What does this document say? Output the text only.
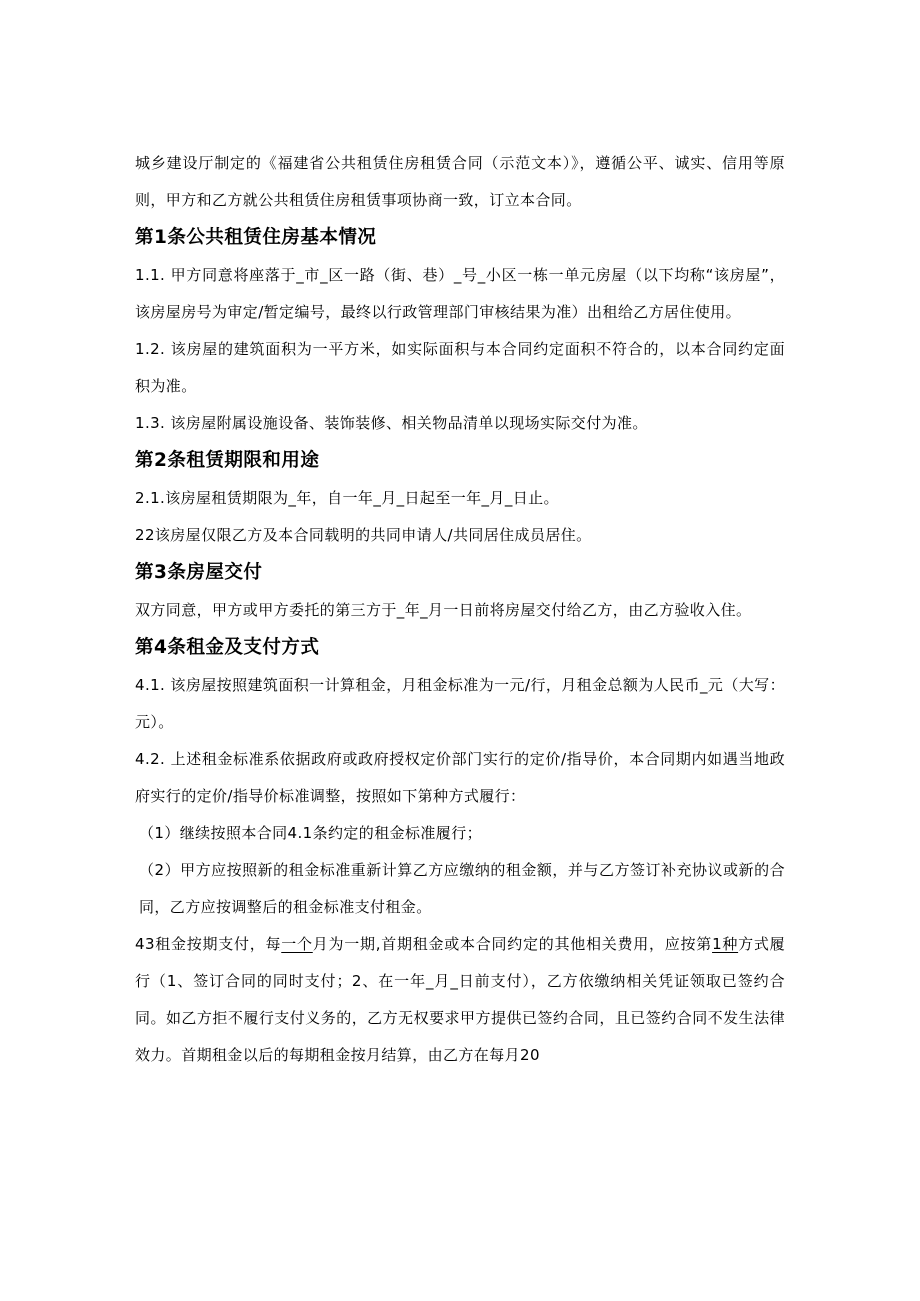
城乡建设厅制定的《福建省公共租赁住房租赁合同（示范文本）》，遵循公平、诚实、信用等原则，甲方和乙方就公共租赁住房租赁事项协商一致，订立本合同。

第1条公共租赁住房基本情况

1.1. 甲方同意将座落于_市_区一路（街、巷）_号_小区一栋一单元房屋（以下均称“该房屋”，该房屋房号为审定/暂定编号，最终以行政管理部门审核结果为准）出租给乙方居住使用。

1.2. 该房屋的建筑面积为一平方米，如实际面积与本合同约定面积不符合的，以本合同约定面积为准。

1.3. 该房屋附属设施设备、装饰装修、相关物品清单以现场实际交付为准。

第2条租赁期限和用途

2.1.该房屋租赁期限为_年，自一年_月_日起至一年_月_日止。

22该房屋仅限乙方及本合同载明的共同申请人/共同居住成员居住。

第3条房屋交付

双方同意，甲方或甲方委托的第三方于_年_月一日前将房屋交付给乙方，由乙方验收入住。

第4条租金及支付方式

4.1. 该房屋按照建筑面积一计算租金，月租金标准为一元/行，月租金总额为人民币_元（大写：元）。

4.2. 上述租金标准系依据政府或政府授权定价部门实行的定价/指导价，本合同期内如遇当地政府实行的定价/指导价标准调整，按照如下第种方式履行：

（1）继续按照本合同4.1条约定的租金标准履行；

（2）甲方应按照新的租金标准重新计算乙方应缴纳的租金额，并与乙方签订补充协议或新的合同，乙方应按调整后的租金标准支付租金。

43租金按期支付，每一个月为一期,首期租金或本合同约定的其他相关费用，应按第1种方式履行（1、签订合同的同时支付；2、在一年_月_日前支付），乙方依缴纳相关凭证领取已签约合同。如乙方拒不履行支付义务的，乙方无权要求甲方提供已签约合同，且已签约合同不发生法律效力。首期租金以后的每期租金按月结算，由乙方在每月20
